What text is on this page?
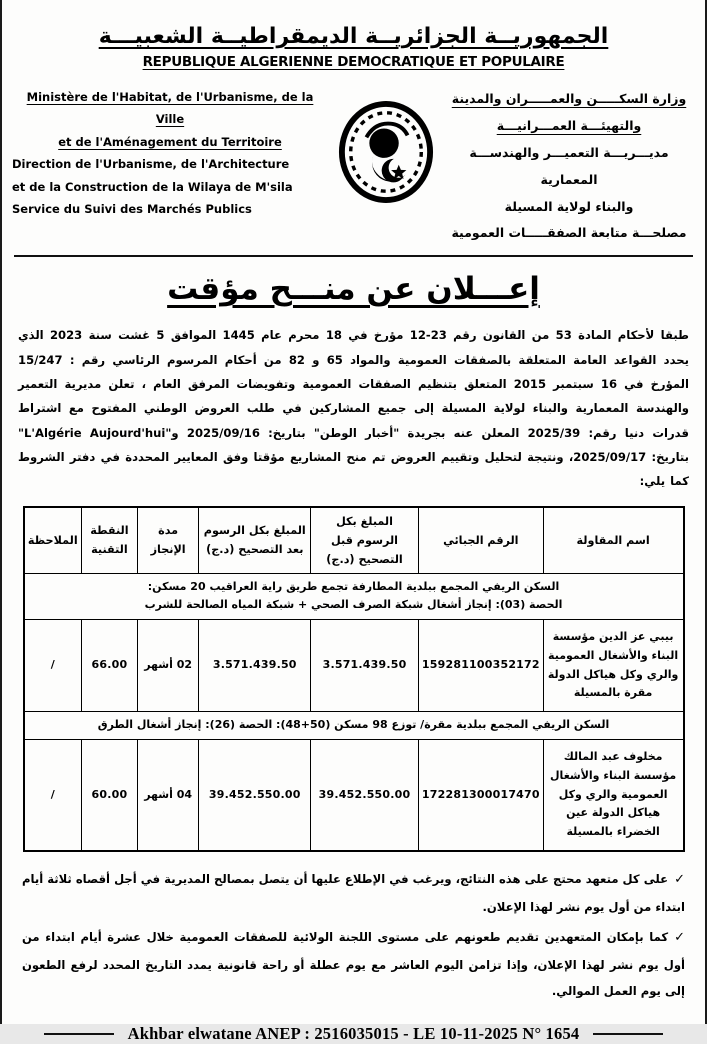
الجمهوريــة الجزائريــة الديمقراطيــة الشعبيـــة
REPUBLIQUE ALGERIENNE DEMOCRATIQUE ET POPULAIRE
Ministère de l'Habitat, de l'Urbanisme, de la Ville
et de l'Aménagement du Territoire
Direction de l'Urbanisme, de l'Architecture
et de la Construction de la Wilaya de M'sila
Service du Suivi des Marchés Publics
وزارة السكـــــن والعمـــــران والمدينة
والتهيئـــة العمـــرانيـــة
مديـــريـــة التعميـــر والهندســـة المعمارية
والبناء لولاية المسيلة
مصلحـــة متابعة الصفقـــــات العمومية
إعـــلان عن منـــح مؤقت

طبقا لأحكام المادة 53 من القانون رقم 23-12 مؤرخ في 18 محرم عام 1445 الموافق 5 غشت سنة 2023 الذي يحدد القواعد العامة المتعلقة بالصفقات العمومية والمواد 65 و 82 من أحكام المرسوم الرئاسي رقم : 15/247 المؤرخ في 16 سبتمبر 2015 المتعلق بتنظيم الصفقات العمومية وتفويضات المرفق العام ، تعلن مديرية التعمير والهندسة المعمارية والبناء لولاية المسيلة إلى جميع المشاركين في طلب العروض الوطني المفتوح مع اشتراط قدرات دنيا رقم: 2025/39 المعلن عنه بجريدة "أخبار الوطن" بتاريخ: 2025/09/16 و"L'Algérie Aujourd'hui" بتاريخ: 2025/09/17، ونتيجة لتحليل وتقييم العروض تم منح المشاريع مؤقتا وفق المعايير المحددة في دفتر الشروط كما يلي:

اسم المقاولة	الرقم الجبائي	المبلغ بكل الرسوم قبل التصحيح (د.ج)	المبلغ بكل الرسوم بعد التصحيح (د.ج)	مدة الإنجاز	النقطة التقنية	الملاحظة
السكن الريفي المجمع ببلدية المطارفة تجمع طريق راية العراقيب 20 مسكن:
الحصة (03): إنجاز أشغال شبكة الصرف الصحي + شبكة المياه الصالحة للشرب						
بيبي عز الدين مؤسسة البناء والأشغال العمومية والري وكل هياكل الدولة مقرة بالمسيلة	159281100352172	3.571.439.50	3.571.439.50	02 أشهر	66.00	/
السكن الريفي المجمع ببلدية مقرة/ توزع 98 مسكن (50+48): الحصة (26): إنجاز أشغال الطرق						
مخلوف عبد المالك مؤسسة البناء والأشغال العمومية والري وكل هياكل الدولة عين الخضراء بالمسيلة	172281300017470	39.452.550.00	39.452.550.00	04 أشهر	60.00	/

✓على كل متعهد محتج على هذه النتائج، ويرغب في الإطلاع عليها أن يتصل بمصالح المديرية في أجل أقصاه ثلاثة أيام ابتداء من أول يوم نشر لهذا الإعلان.

✓كما بإمكان المتعهدين تقديم طعونهم على مستوى اللجنة الولائية للصفقات العمومية خلال عشرة أيام ابتداء من أول يوم نشر لهذا الإعلان، وإذا تزامن اليوم العاشر مع يوم عطلة أو راحة قانونية يمدد التاريخ المحدد لرفع الطعون إلى يوم العمل الموالي.

Akhbar elwatane ANEP : 2516035015 - LE 10-11-2025 N° 1654
